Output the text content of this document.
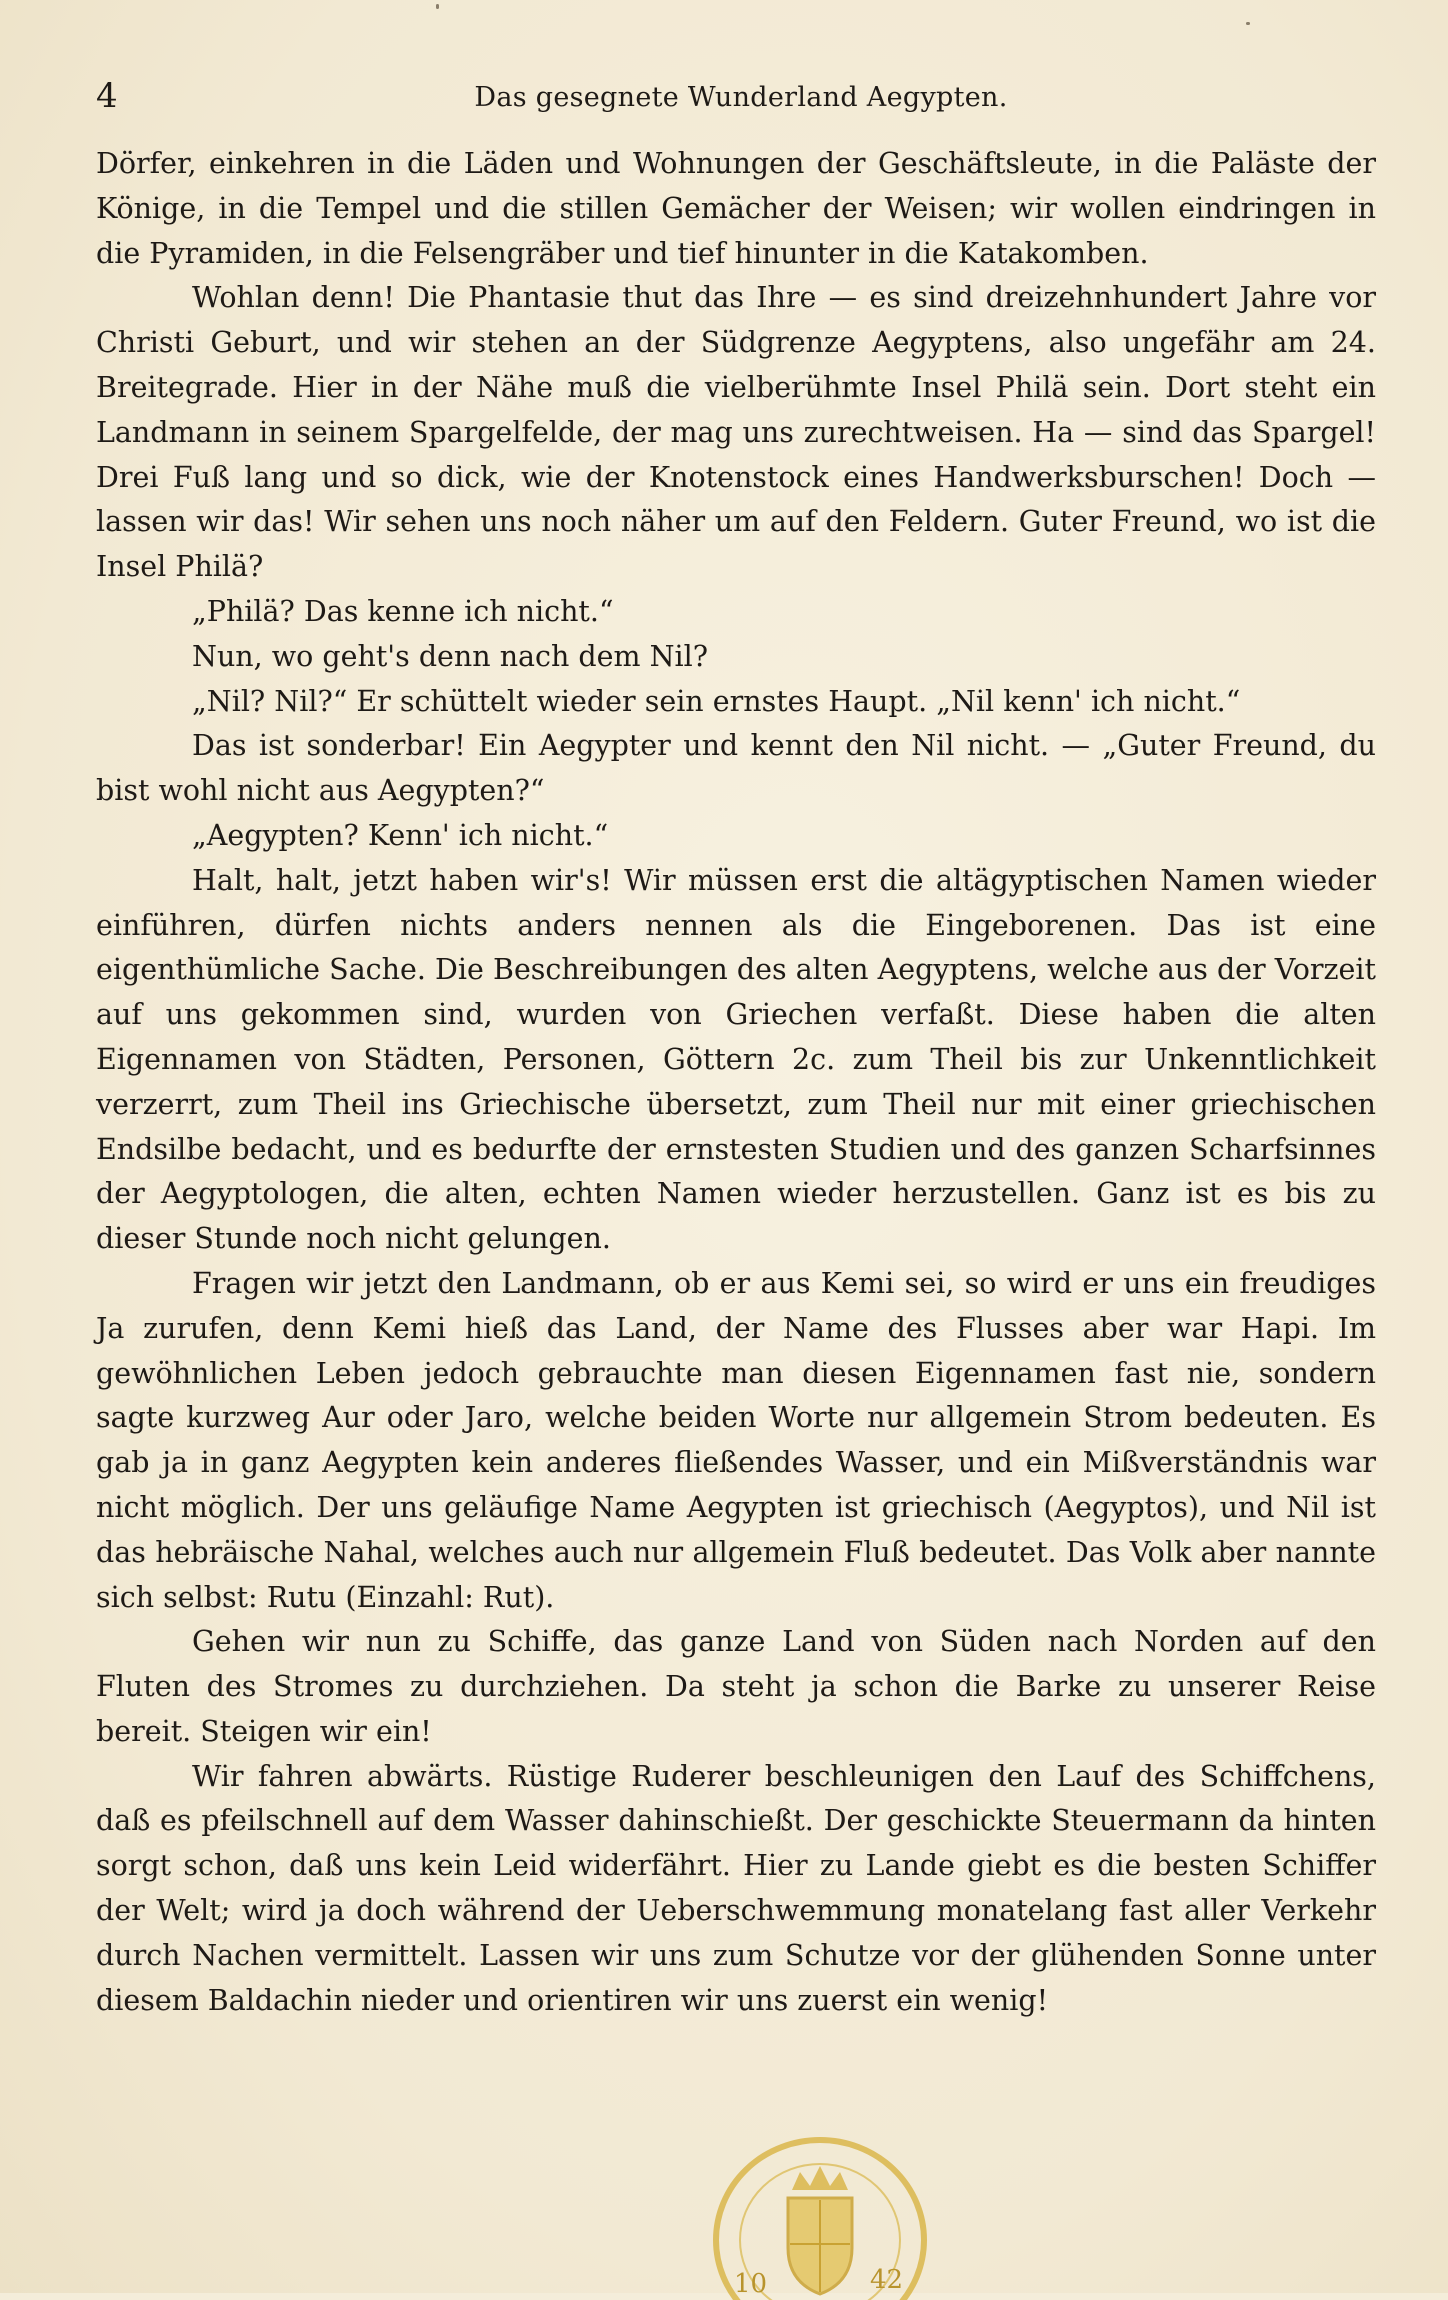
4	Das gesegnete Wunderland Aegypten.

Dörfer, einkehren in die Läden und Wohnungen der Geschäftsleute, in die Paläste der Könige, in die Tempel und die stillen Gemächer der Weisen; wir wollen eindringen in die Pyramiden, in die Felsengräber und tief hinunter in die Katakomben.

Wohlan denn! Die Phantasie thut das Ihre — es sind dreizehnhundert Jahre vor Christi Geburt, und wir stehen an der Südgrenze Aegyptens, also ungefähr am 24. Breitegrade. Hier in der Nähe muß die vielberühmte Insel Philä sein. Dort steht ein Landmann in seinem Spargelfelde, der mag uns zurechtweisen. Ha — sind das Spargel! Drei Fuß lang und so dick, wie der Knotenstock eines Handwerksburschen! Doch — lassen wir das! Wir sehen uns noch näher um auf den Feldern. Guter Freund, wo ist die Insel Philä?

„Philä? Das kenne ich nicht.“

Nun, wo geht's denn nach dem Nil?

„Nil? Nil?“ Er schüttelt wieder sein ernstes Haupt. „Nil kenn' ich nicht.“

Das ist sonderbar! Ein Aegypter und kennt den Nil nicht. — „Guter Freund, du bist wohl nicht aus Aegypten?“

„Aegypten? Kenn' ich nicht.“

Halt, halt, jetzt haben wir's! Wir müssen erst die altägyptischen Namen wieder einführen, dürfen nichts anders nennen als die Eingeborenen. Das ist eine eigenthümliche Sache. Die Beschreibungen des alten Aegyptens, welche aus der Vorzeit auf uns gekommen sind, wurden von Griechen verfaßt. Diese haben die alten Eigennamen von Städten, Personen, Göttern 2c. zum Theil bis zur Unkenntlichkeit verzerrt, zum Theil ins Griechische übersetzt, zum Theil nur mit einer griechischen Endsilbe bedacht, und es bedurfte der ernstesten Studien und des ganzen Scharfsinnes der Aegyptologen, die alten, echten Namen wieder herzustellen. Ganz ist es bis zu dieser Stunde noch nicht gelungen.

Fragen wir jetzt den Landmann, ob er aus Kemi sei, so wird er uns ein freudiges Ja zurufen, denn Kemi hieß das Land, der Name des Flusses aber war Hapi. Im gewöhnlichen Leben jedoch gebrauchte man diesen Eigennamen fast nie, sondern sagte kurzweg Aur oder Jaro, welche beiden Worte nur allgemein Strom bedeuten. Es gab ja in ganz Aegypten kein anderes fließendes Wasser, und ein Mißverständnis war nicht möglich. Der uns geläufige Name Aegypten ist griechisch (Aegyptos), und Nil ist das hebräische Nahal, welches auch nur allgemein Fluß bedeutet. Das Volk aber nannte sich selbst: Rutu (Einzahl: Rut).

Gehen wir nun zu Schiffe, das ganze Land von Süden nach Norden auf den Fluten des Stromes zu durchziehen. Da steht ja schon die Barke zu unserer Reise bereit. Steigen wir ein!

Wir fahren abwärts. Rüstige Ruderer beschleunigen den Lauf des Schiffchens, daß es pfeilschnell auf dem Wasser dahinschießt. Der geschickte Steuermann da hinten sorgt schon, daß uns kein Leid widerfährt. Hier zu Lande giebt es die besten Schiffer der Welt; wird ja doch während der Ueberschwemmung monatelang fast aller Verkehr durch Nachen vermittelt. Lassen wir uns zum Schutze vor der glühenden Sonne unter diesem Baldachin nieder und orientiren wir uns zuerst ein wenig!

10	42
